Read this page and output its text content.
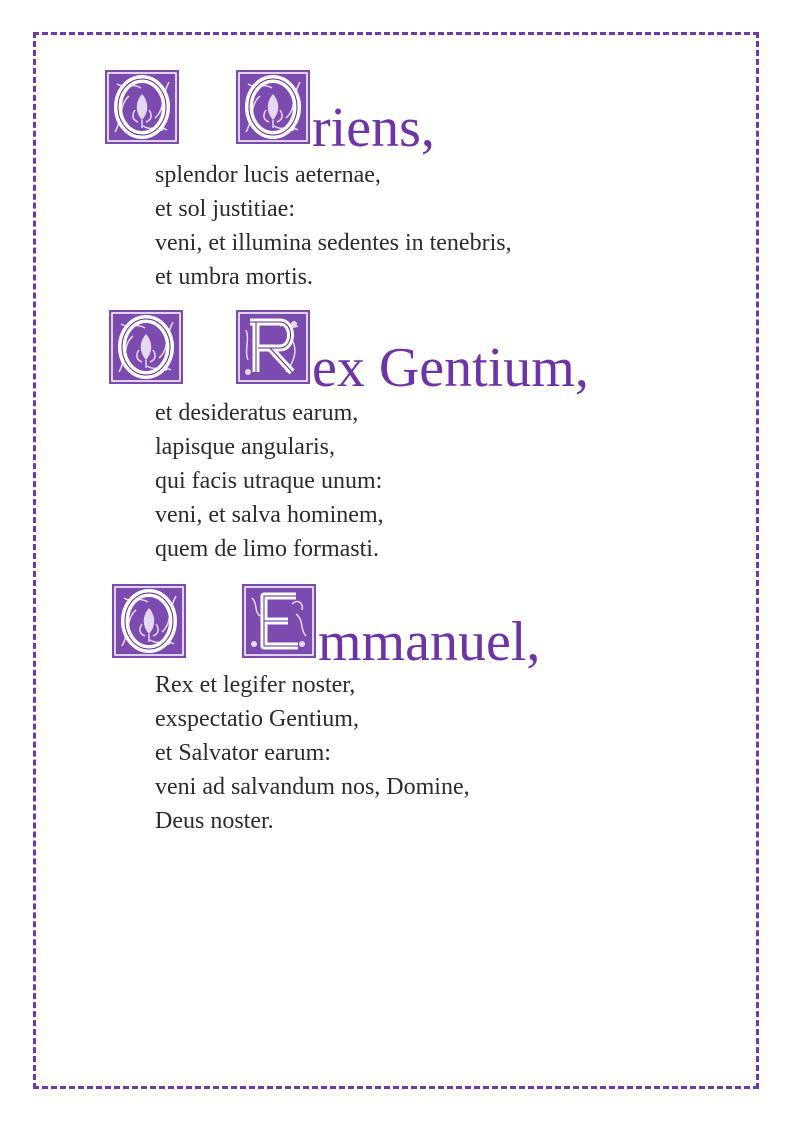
riens,
splendor lucis aeternae,
et sol justitiae:
veni, et illumina sedentes in tenebris,
et umbra mortis.
ex Gentium,
et desideratus earum,
lapisque angularis,
qui facis utraque unum:
veni, et salva hominem,
quem de limo formasti.
mmanuel,
Rex et legifer noster,
exspectatio Gentium,
et Salvator earum:
veni ad salvandum nos, Domine,
Deus noster.
